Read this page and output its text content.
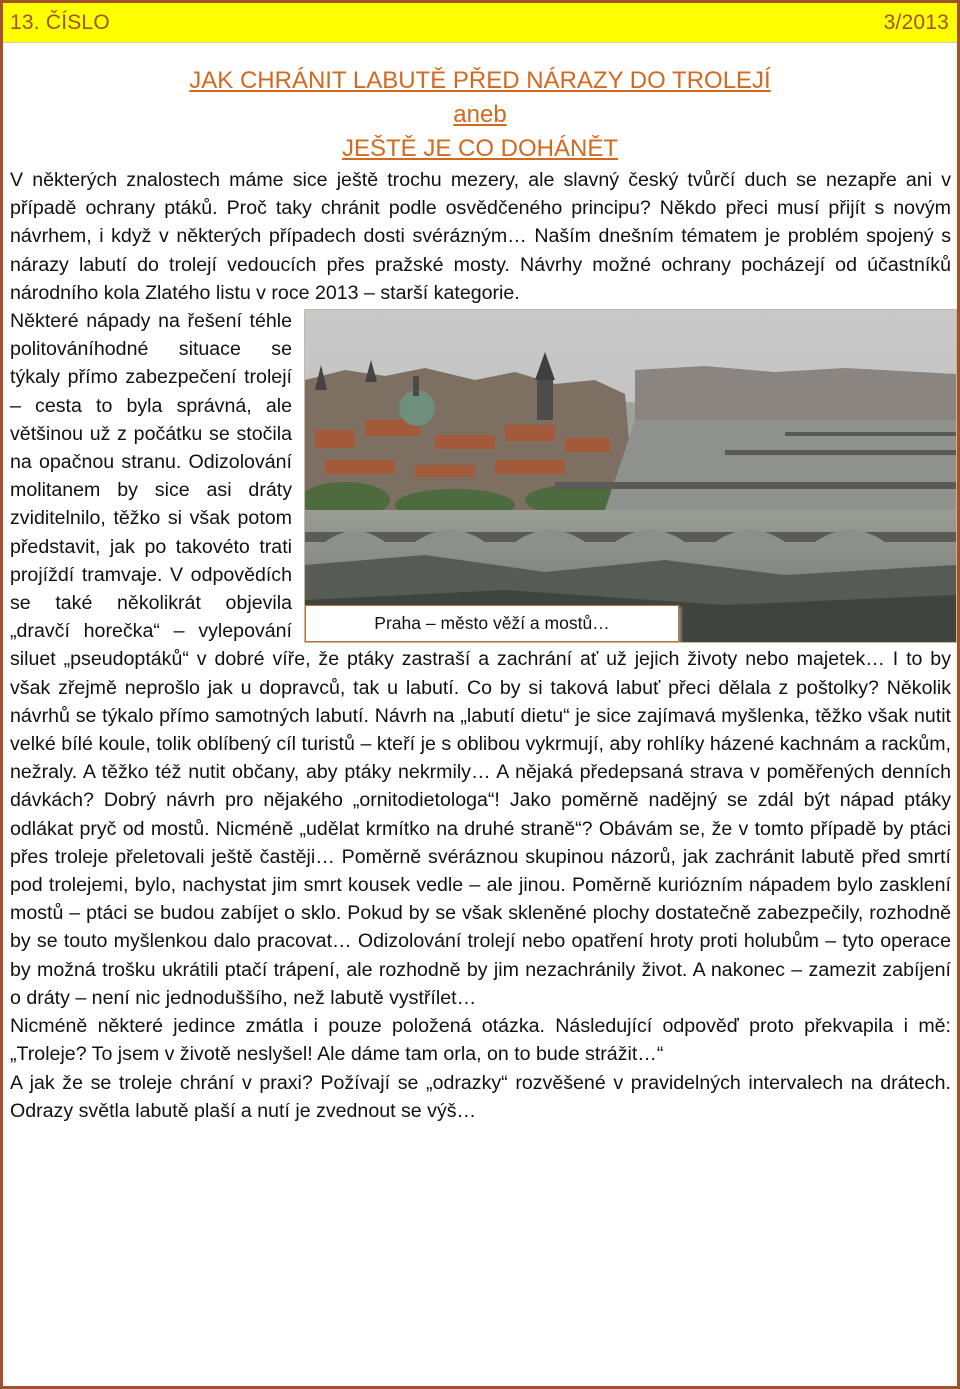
13. ČÍSLO	3/2013
JAK CHRÁNIT LABUTĚ PŘED NÁRAZY DO TROLEJÍ
aneb
JEŠTĚ JE CO DOHÁNĚT

V některých znalostech máme sice ještě trochu mezery, ale slavný český tvůrčí duch se nezapře ani v případě ochrany ptáků. Proč taky chránit podle osvědčeného principu? Někdo přeci musí přijít s novým návrhem, i když v některých případech dosti svérázným… Naším dnešním tématem je problém spojený s nárazy labutí do trolejí vedoucích přes pražské mosty. Návrhy možné ochrany pocházejí od účastníků národního kola Zlatého listu v roce 2013 – starší kategorie.

Praha – město věží a mostů…

Některé nápady na řešení téhle politováníhodné situace se týkaly přímo zabezpečení trolejí – cesta to byla správná, ale většinou už z počátku se stočila na opačnou stranu. Odizolování molitanem by sice asi dráty zviditelnilo, těžko si však potom představit, jak po takovéto trati projíždí tramvaje. V odpovědích se také několikrát objevila „dravčí horečka“ – vylepování siluet „pseudoptáků“ v dobré víře, že ptáky zastraší a zachrání ať už jejich životy nebo majetek… I to by však zřejmě neprošlo jak u dopravců, tak u labutí. Co by si taková labuť přeci dělala z poštolky? Několik návrhů se týkalo přímo samotných labutí. Návrh na „labutí dietu“ je sice zajímavá myšlenka, těžko však nutit velké bílé koule, tolik oblíbený cíl turistů – kteří je s oblibou vykrmují, aby rohlíky házené kachnám a rackům, nežraly. A těžko též nutit občany, aby ptáky nekrmily… A nějaká předepsaná strava v poměřených denních dávkách? Dobrý návrh pro nějakého „ornitodietologa“! Jako poměrně nadějný se zdál být nápad ptáky odlákat pryč od mostů. Nicméně „udělat krmítko na druhé straně“? Obávám se, že v tomto případě by ptáci přes troleje přeletovali ještě častěji… Poměrně svéráznou skupinou názorů, jak zachránit labutě před smrtí pod trolejemi, bylo, nachystat jim smrt kousek vedle – ale jinou. Poměrně kuriózním nápadem bylo zasklení mostů – ptáci se budou zabíjet o sklo. Pokud by se však skleněné plochy dostatečně zabezpečily, rozhodně by se touto myšlenkou dalo pracovat… Odizolování trolejí nebo opatření hroty proti holubům – tyto operace by možná trošku ukrátili ptačí trápení, ale rozhodně by jim nezachránily život. A nakonec – zamezit zabíjení o dráty – není nic jednoduššího, než labutě vystřílet…

Nicméně některé jedince zmátla i pouze položená otázka. Následující odpověď proto překvapila i mě: „Troleje? To jsem v životě neslyšel! Ale dáme tam orla, on to bude strážit…“

A jak že se troleje chrání v praxi? Požívají se „odrazky“ rozvěšené v pravidelných intervalech na drátech. Odrazy světla labutě plaší a nutí je zvednout se výš…
